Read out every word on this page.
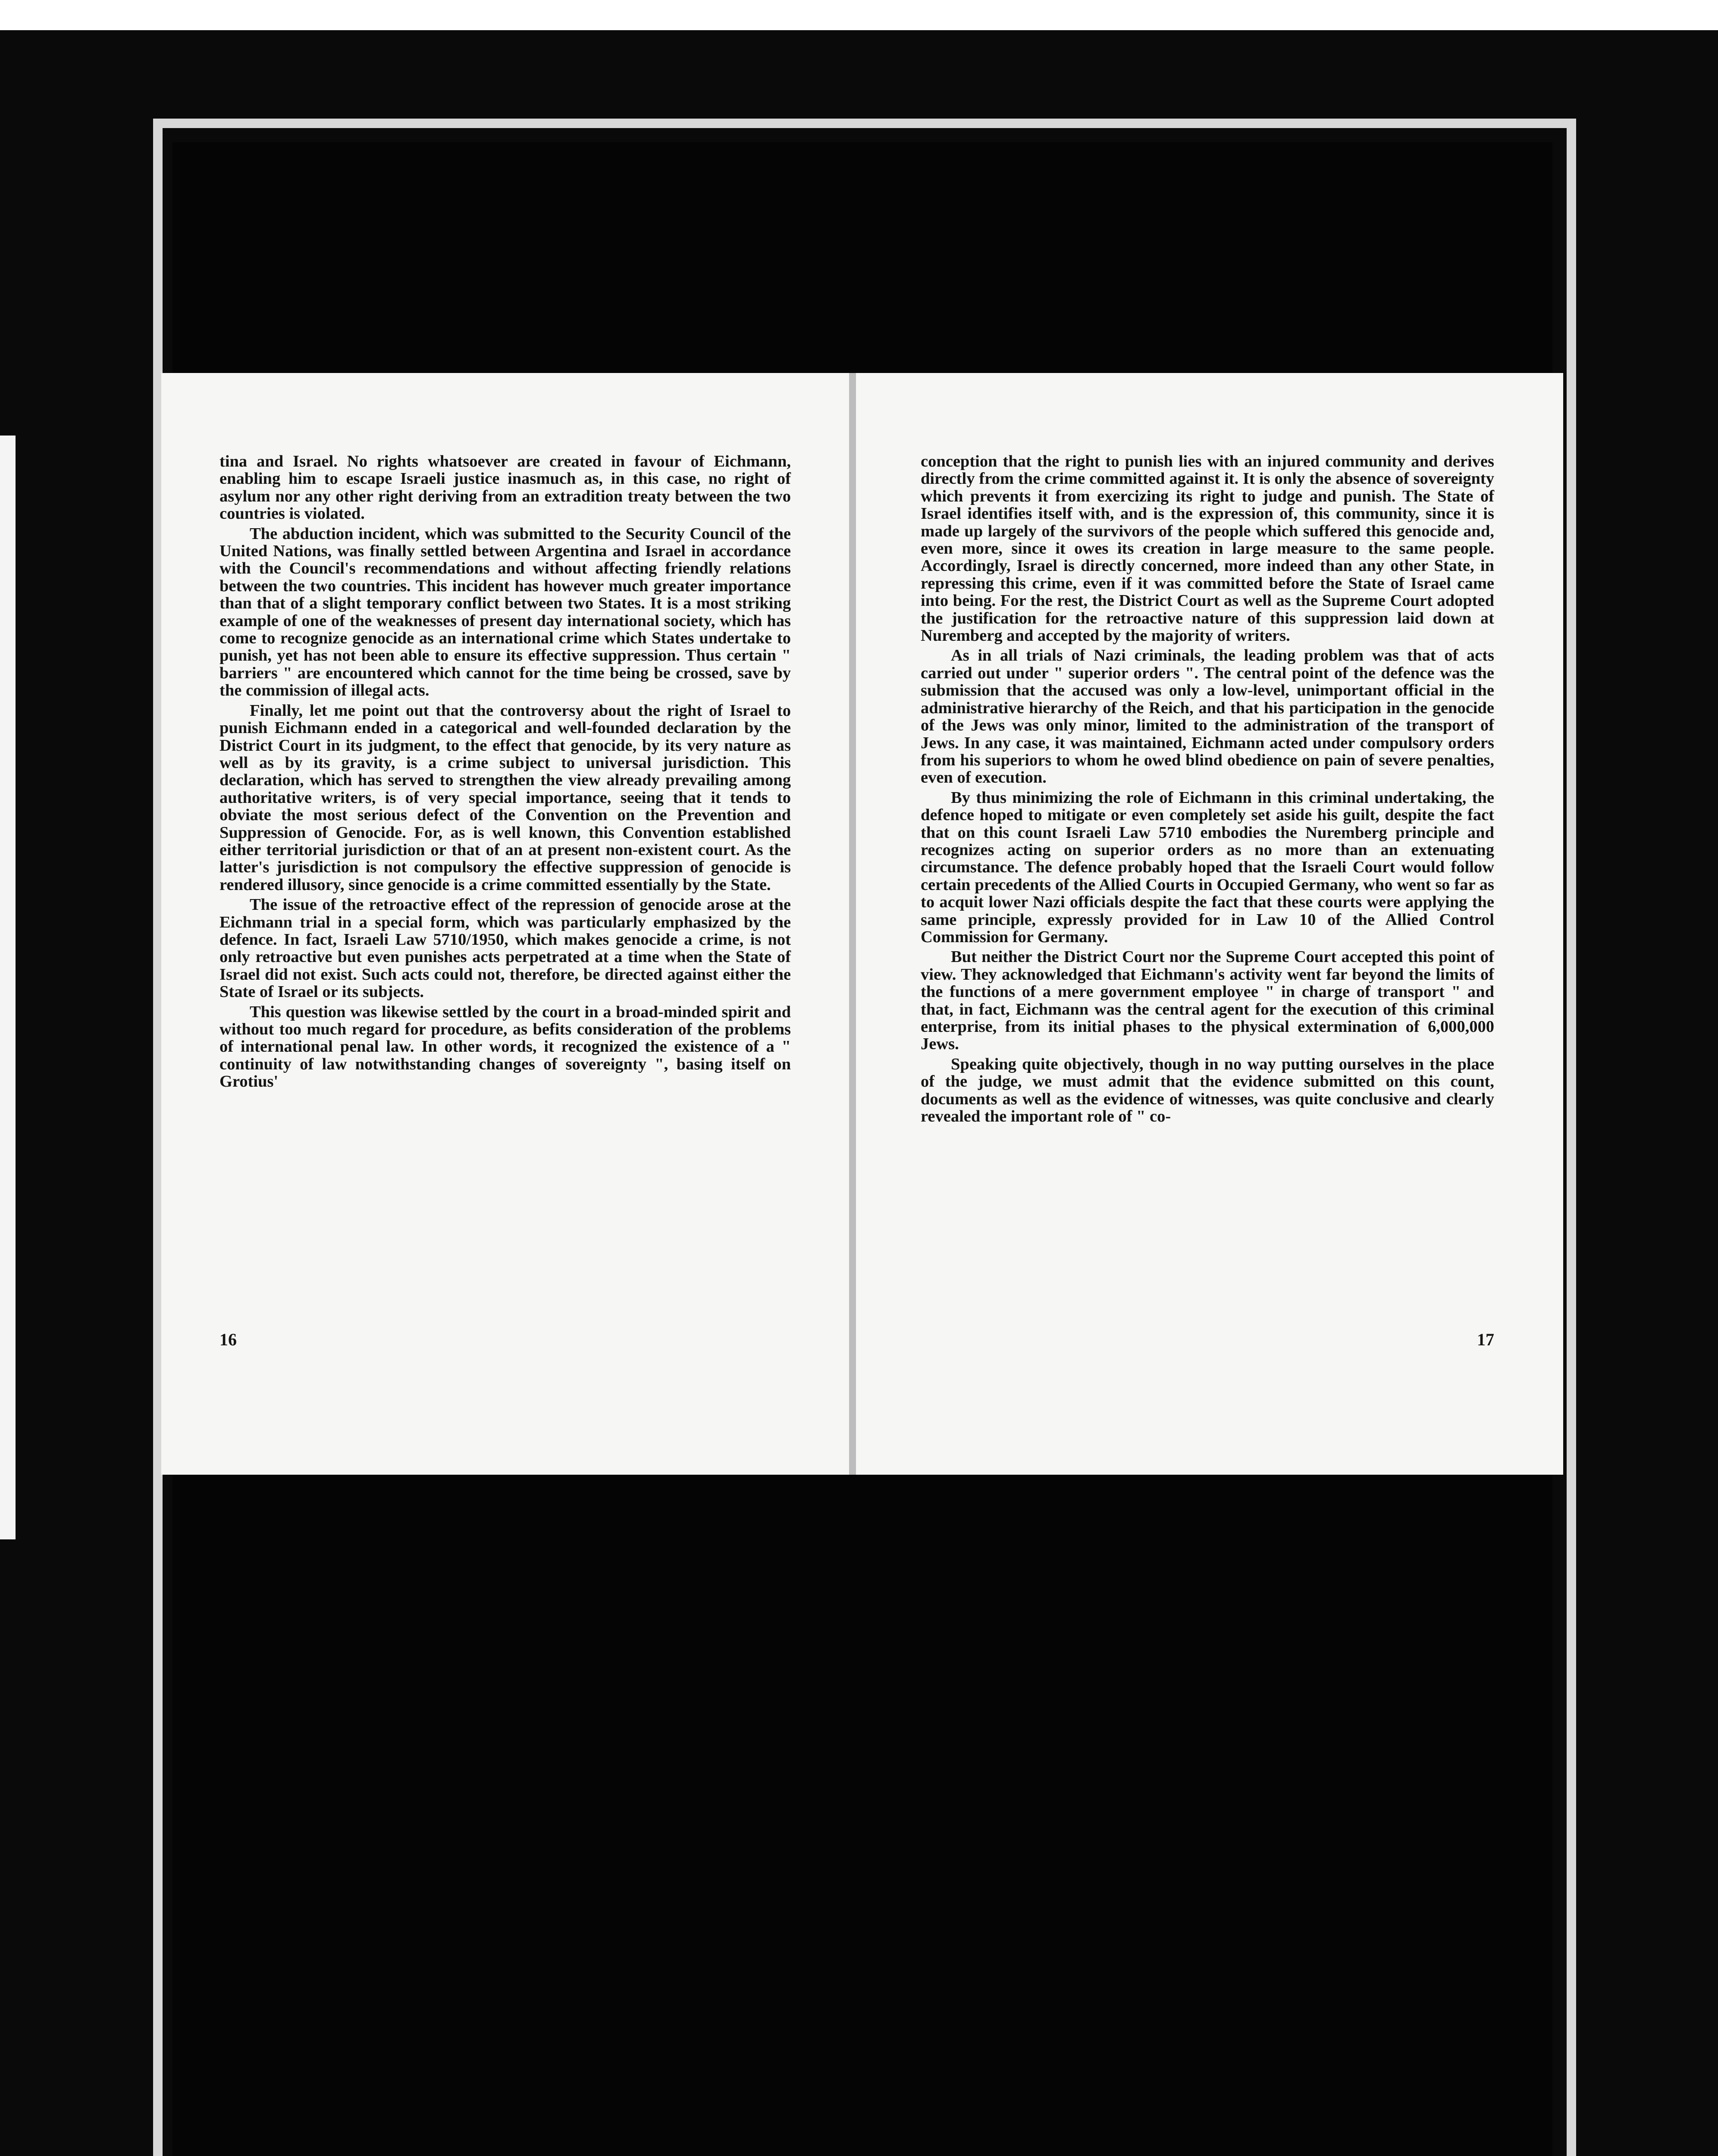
tina and Israel. No rights whatsoever are created in favour of Eichmann, enabling him to escape Israeli justice inasmuch as, in this case, no right of asylum nor any other right deriving from an extradition treaty between the two countries is violated.

The abduction incident, which was submitted to the Security Council of the United Nations, was finally settled between Argentina and Israel in accordance with the Council's recommendations and without affecting friendly relations between the two countries. This incident has however much greater importance than that of a slight temporary conflict between two States. It is a most striking example of one of the weaknesses of present day international society, which has come to recognize genocide as an international crime which States undertake to punish, yet has not been able to ensure its effective suppression. Thus certain " barriers " are encountered which cannot for the time being be crossed, save by the commission of illegal acts.

Finally, let me point out that the controversy about the right of Israel to punish Eichmann ended in a categorical and well-founded declaration by the District Court in its judgment, to the effect that genocide, by its very nature as well as by its gravity, is a crime subject to universal jurisdiction. This declaration, which has served to strengthen the view already prevailing among authoritative writers, is of very special importance, seeing that it tends to obviate the most serious defect of the Convention on the Prevention and Suppression of Genocide. For, as is well known, this Convention established either territorial jurisdiction or that of an at present non-existent court. As the latter's jurisdiction is not compulsory the effective suppression of genocide is rendered illusory, since genocide is a crime committed essentially by the State.

The issue of the retroactive effect of the repression of genocide arose at the Eichmann trial in a special form, which was particularly emphasized by the defence. In fact, Israeli Law 5710/1950, which makes genocide a crime, is not only retroactive but even punishes acts perpetrated at a time when the State of Israel did not exist. Such acts could not, therefore, be directed against either the State of Israel or its subjects.

This question was likewise settled by the court in a broad-minded spirit and without too much regard for procedure, as befits consideration of the problems of international penal law. In other words, it recognized the existence of a " continuity of law notwithstanding changes of sovereignty ", basing itself on Grotius'

16

conception that the right to punish lies with an injured community and derives directly from the crime committed against it. It is only the absence of sovereignty which prevents it from exercizing its right to judge and punish. The State of Israel identifies itself with, and is the expression of, this community, since it is made up largely of the survivors of the people which suffered this genocide and, even more, since it owes its creation in large measure to the same people. Accordingly, Israel is directly concerned, more indeed than any other State, in repressing this crime, even if it was committed before the State of Israel came into being. For the rest, the District Court as well as the Supreme Court adopted the justification for the retroactive nature of this suppression laid down at Nuremberg and accepted by the majority of writers.

As in all trials of Nazi criminals, the leading problem was that of acts carried out under " superior orders ". The central point of the defence was the submission that the accused was only a low-level, unimportant official in the administrative hierarchy of the Reich, and that his participation in the genocide of the Jews was only minor, limited to the administration of the transport of Jews. In any case, it was maintained, Eichmann acted under compulsory orders from his superiors to whom he owed blind obedience on pain of severe penalties, even of execution.

By thus minimizing the role of Eichmann in this criminal undertaking, the defence hoped to mitigate or even completely set aside his guilt, despite the fact that on this count Israeli Law 5710 embodies the Nuremberg principle and recognizes acting on superior orders as no more than an extenuating circumstance. The defence probably hoped that the Israeli Court would follow certain precedents of the Allied Courts in Occupied Germany, who went so far as to acquit lower Nazi officials despite the fact that these courts were applying the same principle, expressly provided for in Law 10 of the Allied Control Commission for Germany.

But neither the District Court nor the Supreme Court accepted this point of view. They acknowledged that Eichmann's activity went far beyond the limits of the functions of a mere government employee " in charge of transport " and that, in fact, Eichmann was the central agent for the execution of this criminal enterprise, from its initial phases to the physical extermination of 6,000,000 Jews.

Speaking quite objectively, though in no way putting ourselves in the place of the judge, we must admit that the evidence submitted on this count, documents as well as the evidence of witnesses, was quite conclusive and clearly revealed the important role of " co-

17
